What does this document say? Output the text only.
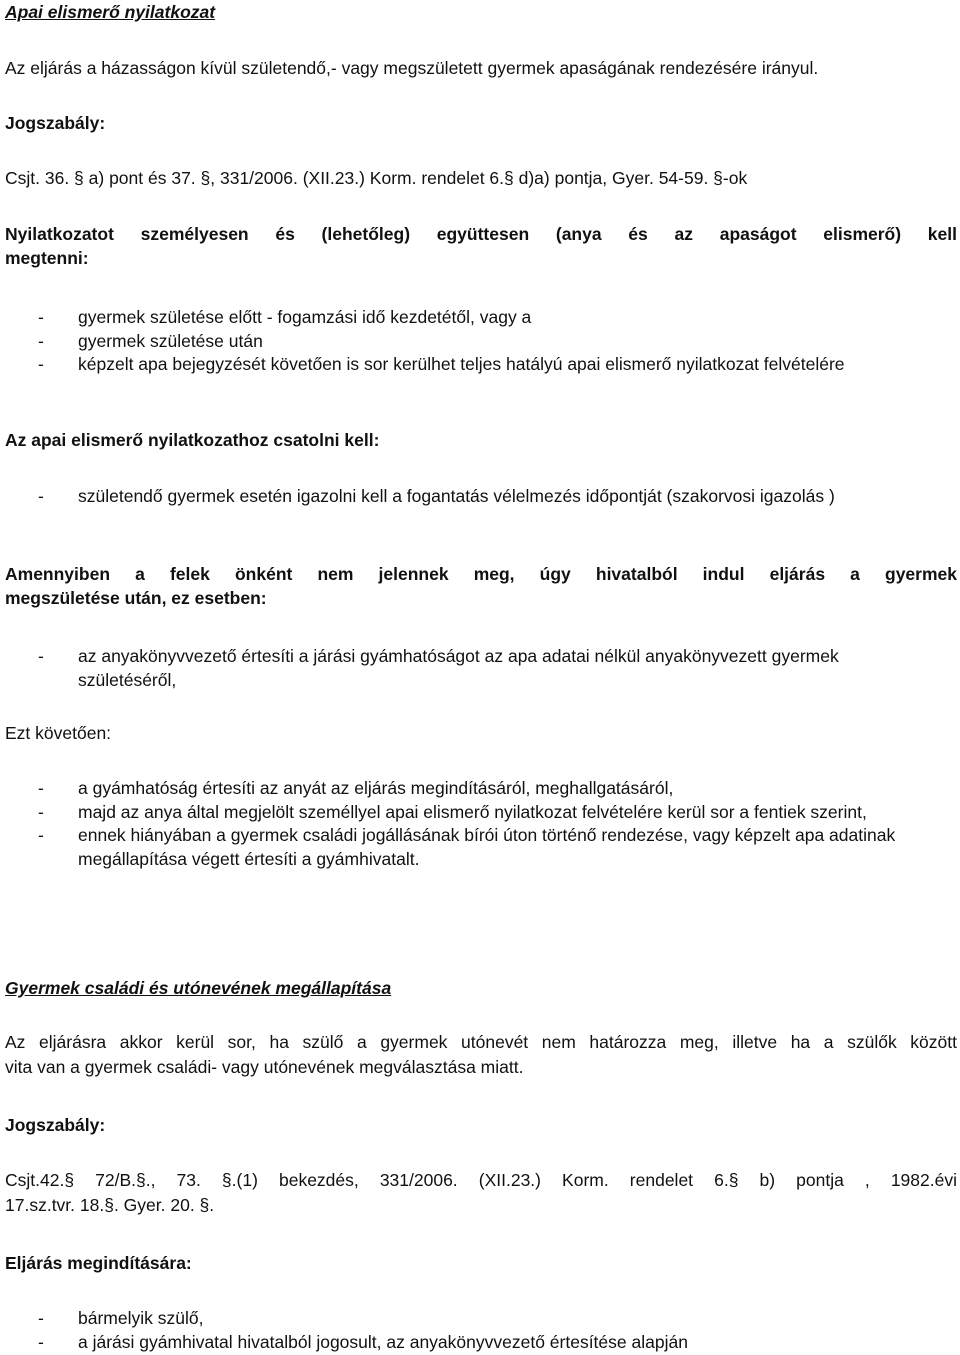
Apai elismerő nyilatkozat
Az eljárás a házasságon kívül születendő,- vagy megszületett gyermek apaságának rendezésére irányul.
Jogszabály:
Csjt. 36. § a) pont és 37. §, 331/2006. (XII.23.) Korm. rendelet 6.§ d)a) pontja, Gyer. 54-59. §-ok
Nyilatkozatot személyesen és (lehetőleg) együttesen (anya és az apaságot elismerő) kell
megtenni:
- gyermek születése előtt - fogamzási idő kezdetétől, vagy a
- gyermek születése után
- képzelt apa bejegyzését követően is sor kerülhet teljes hatályú apai elismerő nyilatkozat felvételére
Az apai elismerő nyilatkozathoz csatolni kell:
- születendő gyermek esetén igazolni kell a fogantatás vélelmezés időpontját (szakorvosi igazolás )
Amennyiben a felek önként nem jelennek meg, úgy hivatalból indul eljárás a gyermek
megszületése után, ez esetben:
- az anyakönyvvezető értesíti a járási gyámhatóságot az apa adatai nélkül anyakönyvezett gyermek születéséről,
Ezt követően:
- a gyámhatóság értesíti az anyát az eljárás megindításáról, meghallgatásáról,
- majd az anya által megjelölt személlyel apai elismerő nyilatkozat felvételére kerül sor a fentiek szerint,
- ennek hiányában a gyermek családi jogállásának bírói úton történő rendezése, vagy képzelt apa adatinak megállapítása végett értesíti a gyámhivatalt.
Gyermek családi és utónevének megállapítása
Az eljárásra akkor kerül sor, ha szülő a gyermek utónevét nem határozza meg, illetve ha a szülők között
vita van a gyermek családi- vagy utónevének megválasztása miatt.
Jogszabály:
Csjt.42.§ 72/B.§., 73. §.(1) bekezdés, 331/2006. (XII.23.) Korm. rendelet 6.§ b) pontja , 1982.évi
17.sz.tvr. 18.§. Gyer. 20. §.
Eljárás megindítására:
- bármelyik szülő,
- a járási gyámhivatal hivatalból jogosult, az anyakönyvvezető értesítése alapján
